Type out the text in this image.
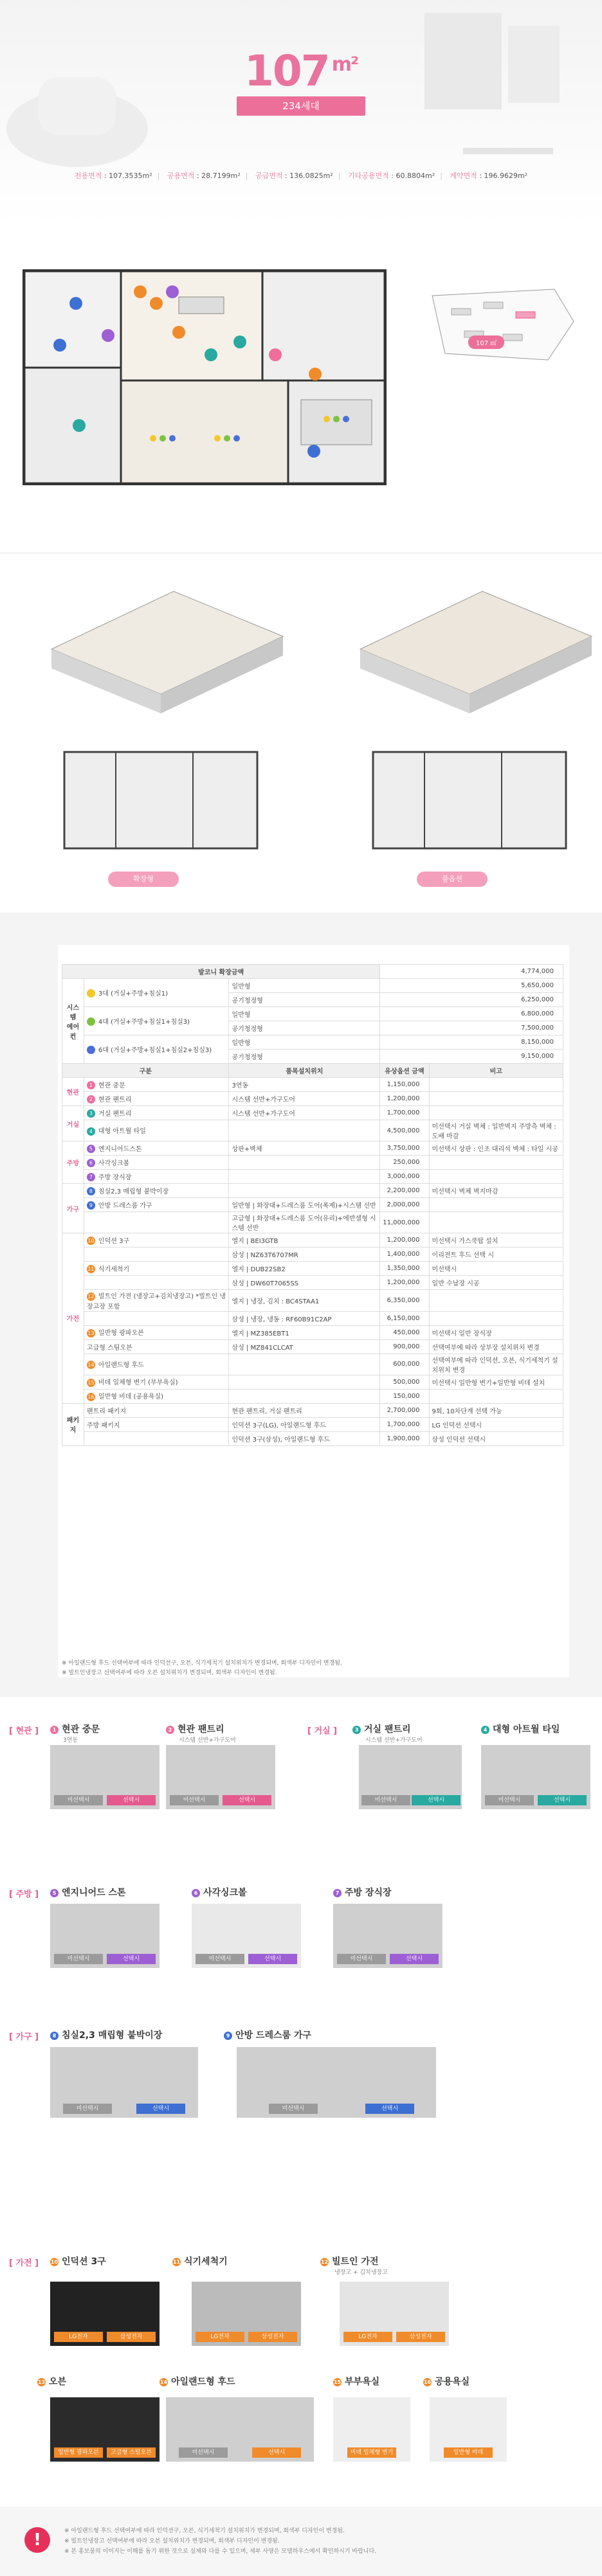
107 $^{m^2}$
234세대
전용면적 : 107.3535m² | 공용면적 : 28.7199m² | 공급면적 : 136.0825m² | 기타공용면적 : 60.8804m² | 계약면적 : 196.9629m²
107 ㎡
확장형	풀옵션
발코니 확장금액			4,774,000	
시스템
에어컨	3대 (거실+주방+침실1)	일반형	5,650,000	
		공기청정형	6,250,000	
	4대 (거실+주방+침실1+침실3)	일반형	6,800,000	
		공기청정형	7,500,000	
	6대 (거실+주방+침실1+침실2+침실3)	일반형	8,150,000	
		공기청정형	9,150,000	
구분		품목설치위치	유상옵션 금액	비고
현관	1 현관 중문	3연동	1,150,000	
	2 현관 팬트리	시스템 선반+가구도어	1,200,000	
거실	3 거실 팬트리	시스템 선반+가구도어	1,700,000	
	4 대형 아트월 타일		4,500,000	미선택시 거실 벽체 : 일반벽지 주방측 벽체 : 도배 마감
주방	5 엔지니어드스톤	상판+벽체	3,750,000	미선택시 상판 : 인조 대리석 벽체 : 타일 시공
	6 사각싱크볼		250,000	
	7 주방 장식장		3,000,000	
가구	8 침실2,3 매립형 붙박이장		2,200,000	미선택시 벽체 벽지마감
	9 안방 드레스룸 가구	일반형 | 화장대+드레스룸 도어(폭제)+시스템 선반	2,000,000	
		고급형 | 화장대+드레스룸 도어(유리)+에반셀형 시스템 선반	11,000,000	
가전	10 인덕션 3구	엘지 | BEI3GTB	1,200,000	미선택시 가스쿡탑 설치
		삼성 | NZ63T6707MR	1,400,000	이리전트 후드 선택 시
	11 식기세척기	엘지 | DUB22SB2	1,350,000	미선택시
		삼성 | DW60T7065SS	1,200,000	일반 수납장 시공
	12 빌트인 가전 (냉장고+김치냉장고) *빌트인 냉장고장 포함	엘지 | 냉장, 김치 : BC4STAA1	6,350,000	
		삼성 | 냉장, 냉동 : RF60B91C2AP	6,150,000	
	13 일반형 광파오븐	엘지 | MZ385EBT1	450,000	미선택시 일반 장식장
	고급형 스팀오븐	삼성 | MZ841CLCAT	900,000	선택여부에 따라 상부장 설치위치 변경
	14 아일랜드형 후드		600,000	선택여부에 따라 인덕션, 오븐, 식기세척기 설치위치 변경
	15 비데 일체형 변기 (부부욕실)		500,000	미선택시 일반형 변기+일반형 비데 설치
	16 일반형 비데 (공용욕실)		150,000	
패키지	팬트리 패키지	현관 팬트리, 거실 팬트리	2,700,000	9회, 10차단계 선택 가능
	주방 패키지	인덕션 3구(LG), 아일랜드형 후드	1,700,000	LG 인덕션 선택시
		인덕션 3구(삼성), 아일랜드형 후드	1,900,000	삼성 인덕션 선택시
※ 아일랜드형 후드 선택여부에 따라 인덕션구, 오븐, 식기세척기 설치위치가 변경되며, 회색부 디자인이 변경됨.
※ 빌트인냉장고 선택여부에 따라 오븐 설치위치가 변경되며, 회색부 디자인이 변경됨.
[ 현관 ]	1 현관 중문
3연동
미선택시	선택시
2 현관 팬트리
시스템 선반+가구도어
미선택시	선택시
[ 거실 ]	3 거실 팬트리
시스템 선반+가구도어
미선택시	선택시
4 대형 아트월 타일
미선택시	선택시
[ 주방 ]	5 엔지니어드 스톤
미선택시	선택시
6 사각싱크볼
미선택시	선택시
7 주방 장식장
미선택시	선택시
[ 가구 ]	8 침실2,3 매립형 붙박이장
미선택시	선택시
9 안방 드레스룸 가구
미선택시	선택시
[ 가전 ] 10 인덕션 3구
LG전자	삼성전자
11 식기세척기
LG전자	삼성전자
12 빌트인 가전
냉장고 + 김치냉장고
LG전자	삼성전자
13 오븐
일반형 광파오븐	고급형 스팀오븐
14 아일랜드형 후드
미선택시	선택시
15 부부욕실
비데 일체형 변기
16 공용욕실
일반형 비데
!	※ 아일랜드형 후드 선택여부에 따라 인덕션구, 오븐, 식기세척기 설치위치가 변경되며, 회색부 디자인이 변경됨.
※ 빌트인냉장고 선택여부에 따라 오븐 설치위치가 변경되며, 회색부 디자인이 변경됨.
※ 본 홍보물의 이미지는 이해를 돕기 위한 것으로 실제와 다를 수 있으며, 세부 사양은 모델하우스에서 확인하시기 바랍니다.
